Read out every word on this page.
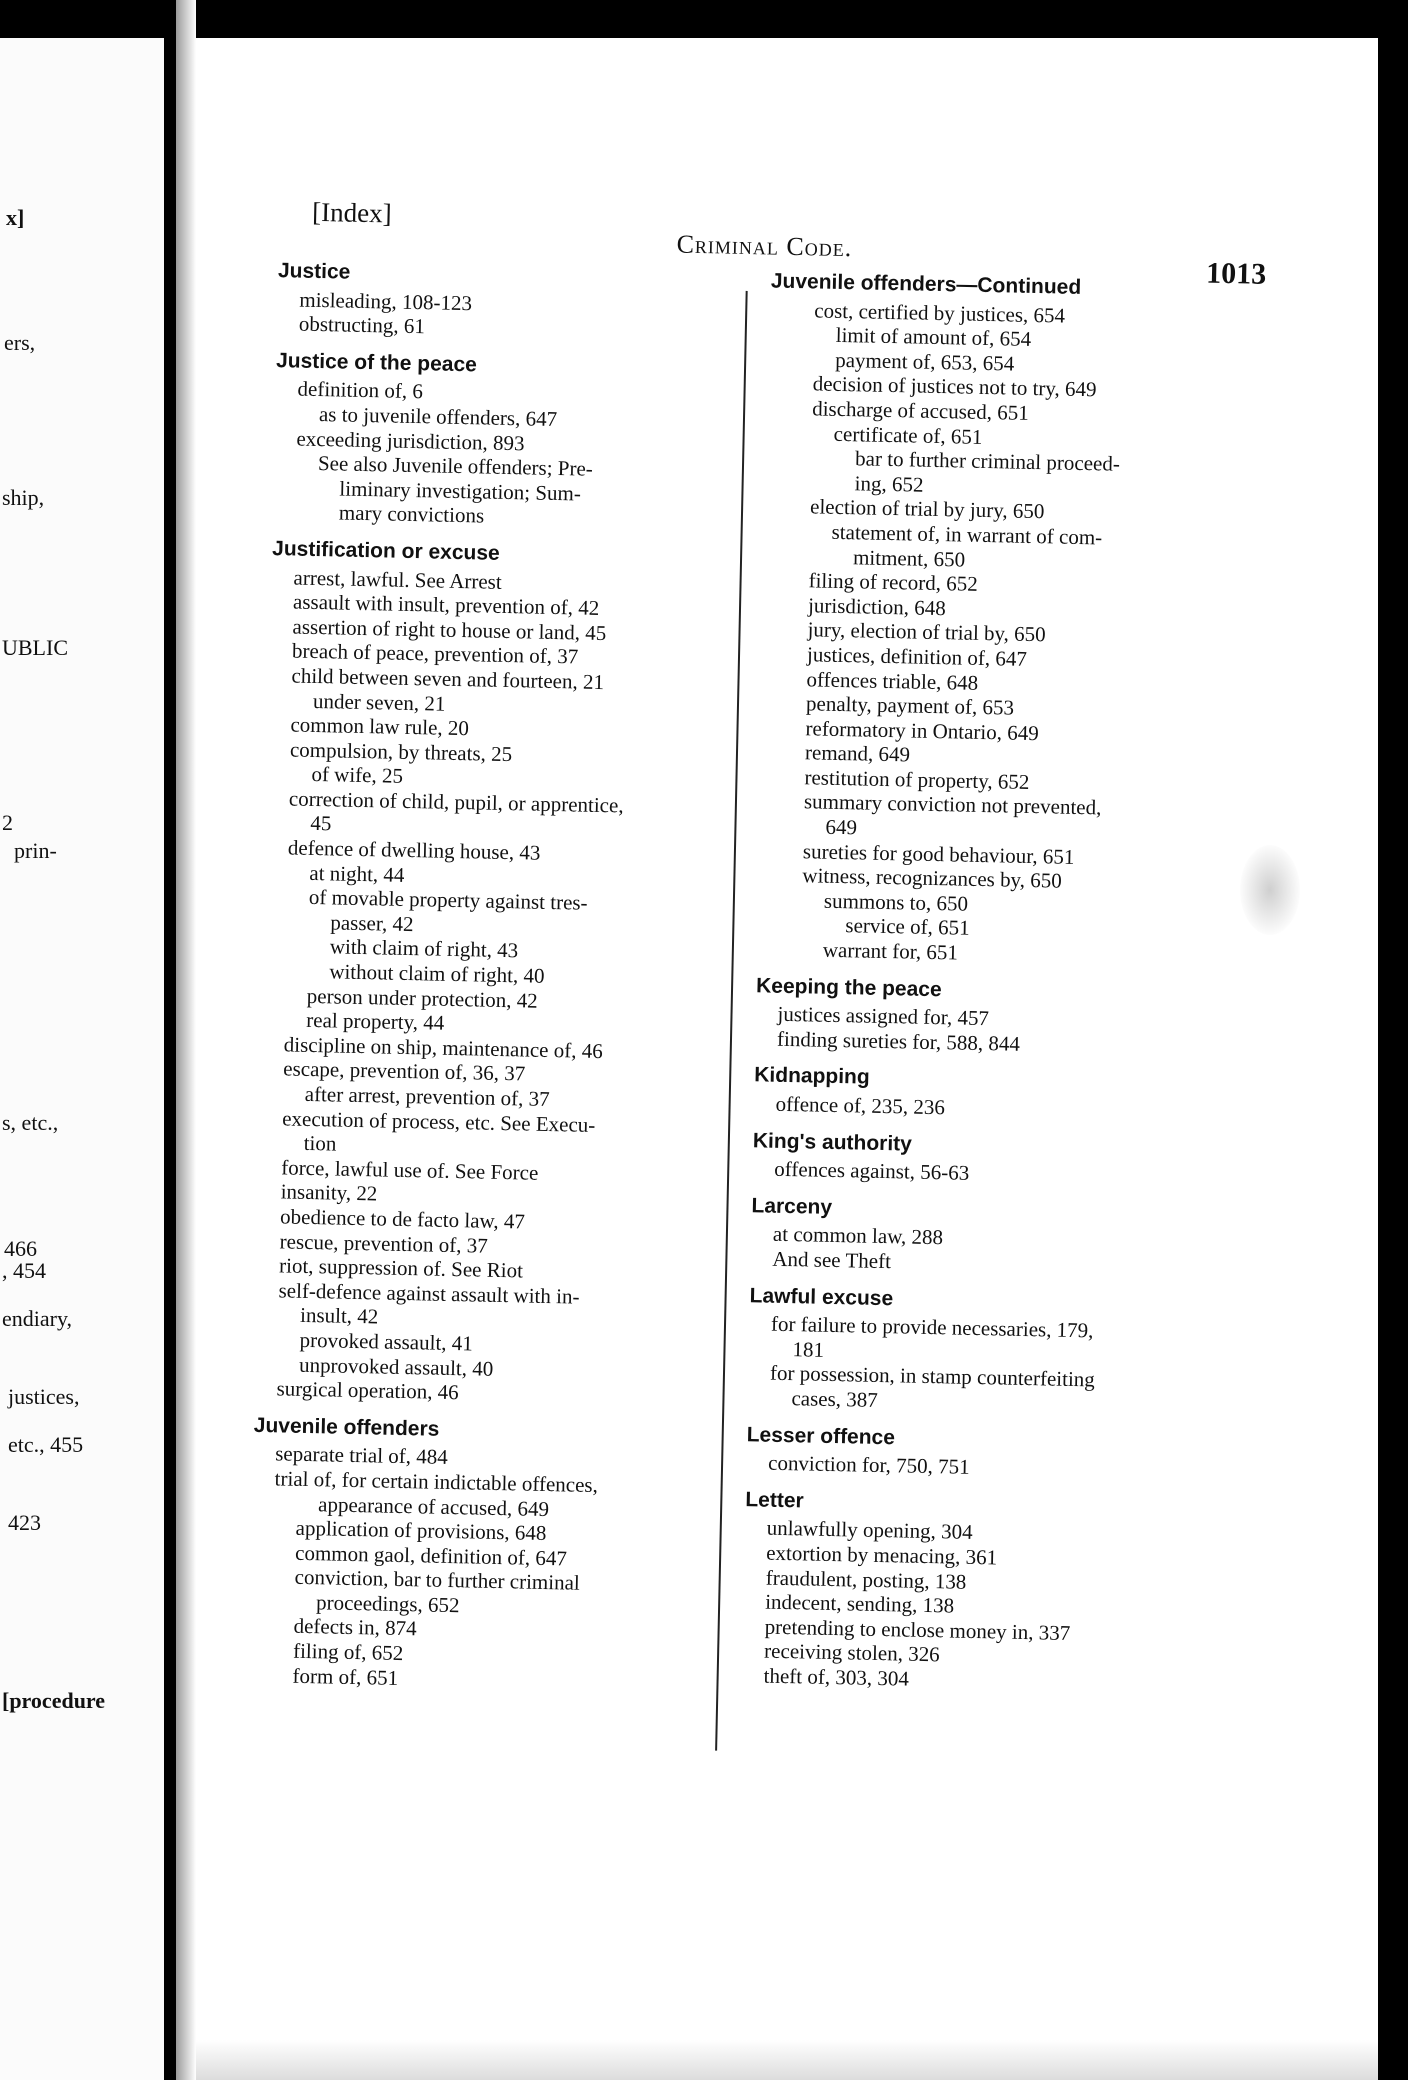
x]
ers,
ship,
UBLIC
2
prin-
s, etc.,
466
, 454
endiary,
justices,
etc., 455
423
[procedure
[Index]
Criminal Code.
1013
Justice
misleading, 108-123
obstructing, 61
Justice of the peace
definition of, 6
as to juvenile offenders, 647
exceeding jurisdiction, 893
See also Juvenile offenders; Pre-
liminary investigation; Sum-
mary convictions
Justification or excuse
arrest, lawful. See Arrest
assault with insult, prevention of, 42
assertion of right to house or land, 45
breach of peace, prevention of, 37
child between seven and fourteen, 21
under seven, 21
common law rule, 20
compulsion, by threats, 25
of wife, 25
correction of child, pupil, or apprentice,
45
defence of dwelling house, 43
at night, 44
of movable property against tres-
passer, 42
with claim of right, 43
without claim of right, 40
person under protection, 42
real property, 44
discipline on ship, maintenance of, 46
escape, prevention of, 36, 37
after arrest, prevention of, 37
execution of process, etc. See Execu-
tion
force, lawful use of. See Force
insanity, 22
obedience to de facto law, 47
rescue, prevention of, 37
riot, suppression of. See Riot
self-defence against assault with in-
insult, 42
provoked assault, 41
unprovoked assault, 40
surgical operation, 46
Juvenile offenders
separate trial of, 484
trial of, for certain indictable offences,
appearance of accused, 649
application of provisions, 648
common gaol, definition of, 647
conviction, bar to further criminal
proceedings, 652
defects in, 874
filing of, 652
form of, 651
Juvenile offenders—Continued
cost, certified by justices, 654
limit of amount of, 654
payment of, 653, 654
decision of justices not to try, 649
discharge of accused, 651
certificate of, 651
bar to further criminal proceed-
ing, 652
election of trial by jury, 650
statement of, in warrant of com-
mitment, 650
filing of record, 652
jurisdiction, 648
jury, election of trial by, 650
justices, definition of, 647
offences triable, 648
penalty, payment of, 653
reformatory in Ontario, 649
remand, 649
restitution of property, 652
summary conviction not prevented,
649
sureties for good behaviour, 651
witness, recognizances by, 650
summons to, 650
service of, 651
warrant for, 651
Keeping the peace
justices assigned for, 457
finding sureties for, 588, 844
Kidnapping
offence of, 235, 236
King's authority
offences against, 56-63
Larceny
at common law, 288
And see Theft
Lawful excuse
for failure to provide necessaries, 179,
181
for possession, in stamp counterfeiting
cases, 387
Lesser offence
conviction for, 750, 751
Letter
unlawfully opening, 304
extortion by menacing, 361
fraudulent, posting, 138
indecent, sending, 138
pretending to enclose money in, 337
receiving stolen, 326
theft of, 303, 304
